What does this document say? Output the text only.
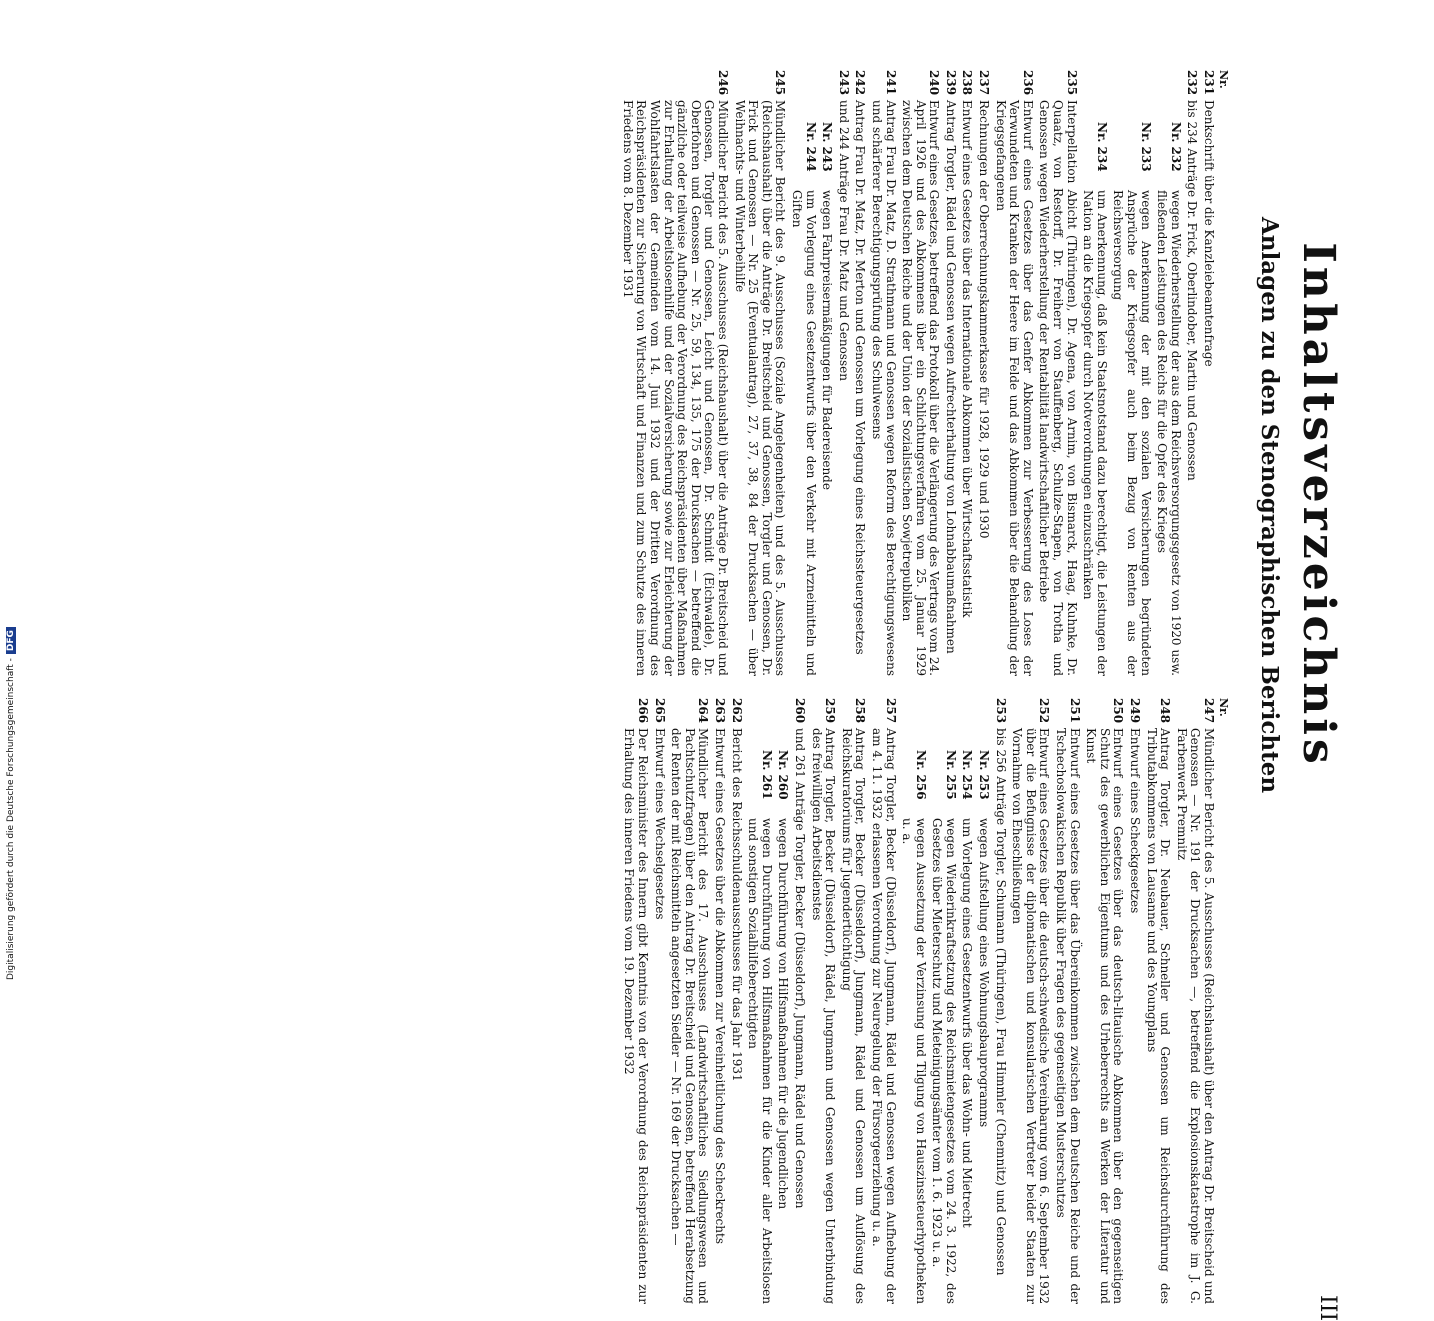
III
Inhaltsverzeichnis
Anlagen zu den Stenographischen Berichten
Nr.
231
Denkschrift über die Kanzleiebeamtenfrage
232
bis 234 Anträge Dr. Frick, Oberlindober, Martin und Genossen
Nr. 232
wegen Wiederherstellung der aus dem Reichsversorgungsgesetz von 1920 usw. fließenden Leistungen des Reichs für die Opfer des Krieges
Nr. 233
wegen Anerkennung der mit den sozialen Versicherungen begründeten Ansprüche der Kriegsopfer auch beim Bezug von Renten aus der Reichsversorgung
Nr. 234
um Anerkennung, daß kein Staatsnotstand dazu berechtigt, die Leistungen der Nation an die Kriegsopfer durch Notverordnungen einzuschränken
235
Interpellation Abicht (Thüringen), Dr. Agena, von Arnim, von Bismarck, Haag, Kuhnke, Dr. Quaatz, von Restorff, Dr. Freiherr von Stauffenberg, Schulze-Stapen, von Trotha und Genossen wegen Wiederherstellung der Rentabilität landwirtschaftlicher Betriebe
236
Entwurf eines Gesetzes über das Genfer Abkommen zur Verbesserung des Loses der Verwundeten und Kranken der Heere im Felde und das Abkommen über die Behandlung der Kriegsgefangenen
237
Rechnungen der Oberrechnungskammerkasse für 1928, 1929 und 1930
238
Entwurf eines Gesetzes über das Internationale Abkommen über Wirtschaftsstatistik
239
Antrag Torgler, Rädel und Genossen wegen Aufrechterhaltung von Lohnabbaumaßnahmen
240
Entwurf eines Gesetzes, betreffend das Protokoll über die Verlängerung des Vertrags vom 24. April 1926 und des Abkommens über ein Schlichtungsverfahren vom 25. Januar 1929 zwischen dem Deutschen Reiche und der Union der Sozialistischen Sowjetrepubliken
241
Antrag Frau Dr. Matz, D. Strathmann und Genossen wegen Reform des Berechtigungswesens und schärferer Berechtigungsprüfung des Schulwesens
242
Antrag Frau Dr. Matz, Dr. Merton und Genossen um Vorlegung eines Reichssteuergesetzes
243
und 244 Anträge Frau Dr. Matz und Genossen
Nr. 243
wegen Fahrpreisermäßigungen für Badereisende
Nr. 244
um Vorlegung eines Gesetzentwurfs über den Verkehr mit Arzneimitteln und Giften
245
Mündlicher Bericht des 9. Ausschusses (Soziale Angelegenheiten) und des 5. Ausschusses (Reichshaushalt) über die Anträge Dr. Breitscheid und Genossen, Torgler und Genossen, Dr. Frick und Genossen — Nr. 25 (Eventualantrag), 27, 37, 38, 84 der Drucksachen — über Weihnachts- und Winterbeihilfe
246
Mündlicher Bericht des 5. Ausschusses (Reichshaushalt) über die Anträge Dr. Breitscheid und Genossen, Torgler und Genossen, Leicht und Genossen, Dr. Schmidt (Eichwalde), Dr. Oberfohren und Genossen — Nr. 25, 59, 134, 135, 175 der Drucksachen — betreffend die gänzliche oder teilweise Aufhebung der Verordnung des Reichspräsidenten über Maßnahmen zur Erhaltung der Arbeitslosenhilfe und der Sozialversicherung sowie zur Erleichterung der Wohlfahrtslasten der Gemeinden vom 14. Juni 1932 und der Dritten Verordnung des Reichspräsidenten zur Sicherung von Wirtschaft und Finanzen und zum Schutze des inneren Friedens vom 8. Dezember 1931
Nr.
247
Mündlicher Bericht des 5. Ausschusses (Reichshaushalt) über den Antrag Dr. Breitscheid und Genossen — Nr. 191 der Drucksachen —, betreffend die Explosionskatastrophe im J. G. Farbenwerk Premnitz
248
Antrag Torgler, Dr. Neubauer, Schneller und Genossen um Reichsdurchführung des Tributabkommens von Lausanne und des Youngplans
249
Entwurf eines Scheckgesetzes
250
Entwurf eines Gesetzes über das deutsch-litauische Abkommen über den gegenseitigen Schutz des gewerblichen Eigentums und des Urheberrechts an Werken der Literatur und Kunst
251
Entwurf eines Gesetzes über das Übereinkommen zwischen dem Deutschen Reiche und der Tschechoslowakischen Republik über Fragen des gegenseitigen Musterschutzes
252
Entwurf eines Gesetzes über die deutsch-schwedische Vereinbarung vom 6. September 1932 über die Befugnisse der diplomatischen und konsularischen Vertreter beider Staaten zur Vornahme von Eheschließungen
253
bis 256 Anträge Torgler, Schumann (Thüringen), Frau Himmler (Chemnitz) und Genossen
Nr. 253
wegen Aufstellung eines Wohnungsbauprogramms
Nr. 254
um Vorlegung eines Gesetzentwurfs über das Wohn- und Mietrecht
Nr. 255
wegen Wiederinkraftsetzung des Reichsmietengesetzes vom 24. 3. 1922, des Gesetzes über Mieterschutz und Mieteinigungsämter vom 1. 6. 1923 u. a.
Nr. 256
wegen Aussetzung der Verzinsung und Tilgung von Hauszinssteuerhypotheken u. a.
257
Antrag Torgler, Becker (Düsseldorf), Jungmann, Rädel und Genossen wegen Aufhebung der am 4. 11. 1932 erlassenen Verordnung zur Neuregelung der Fürsorgeerziehung u. a.
258
Antrag Torgler, Becker (Düsseldorf), Jungmann, Rädel und Genossen um Auflösung des Reichskuratoriums für Jugendertüchtigung
259
Antrag Torgler, Becker (Düsseldorf), Rädel, Jungmann und Genossen wegen Unterbindung des freiwilligen Arbeitsdienstes
260
und 261 Anträge Torgler, Becker (Düsseldorf), Jungmann, Rädel und Genossen
Nr. 260
wegen Durchführung von Hilfsmaßnahmen für die Jugendlichen
Nr. 261
wegen Durchführung von Hilfsmaßnahmen für die Kinder aller Arbeitslosen und sonstigen Sozialhilfeberechtigten
262
Bericht des Reichsschuldenausschusses für das Jahr 1931
263
Entwurf eines Gesetzes über die Abkommen zur Vereinheitlichung des Scheckrechts
264
Mündlicher Bericht des 17. Ausschusses (Landwirtschaftliches Siedlungswesen und Pachtschutzfragen) über den Antrag Dr. Breitscheid und Genossen, betreffend Herabsetzung der Renten der mit Reichsmitteln angesetzten Siedler — Nr. 169 der Drucksachen —
265
Entwurf eines Wechselgesetzes
266
Der Reichsminister des Innern gibt Kenntnis von der Verordnung des Reichspräsidenten zur Erhaltung des inneren Friedens vom 19. Dezember 1932
Digitalisierung gefördert durch die Deutsche Forschungsgemeinschaft -DFG
